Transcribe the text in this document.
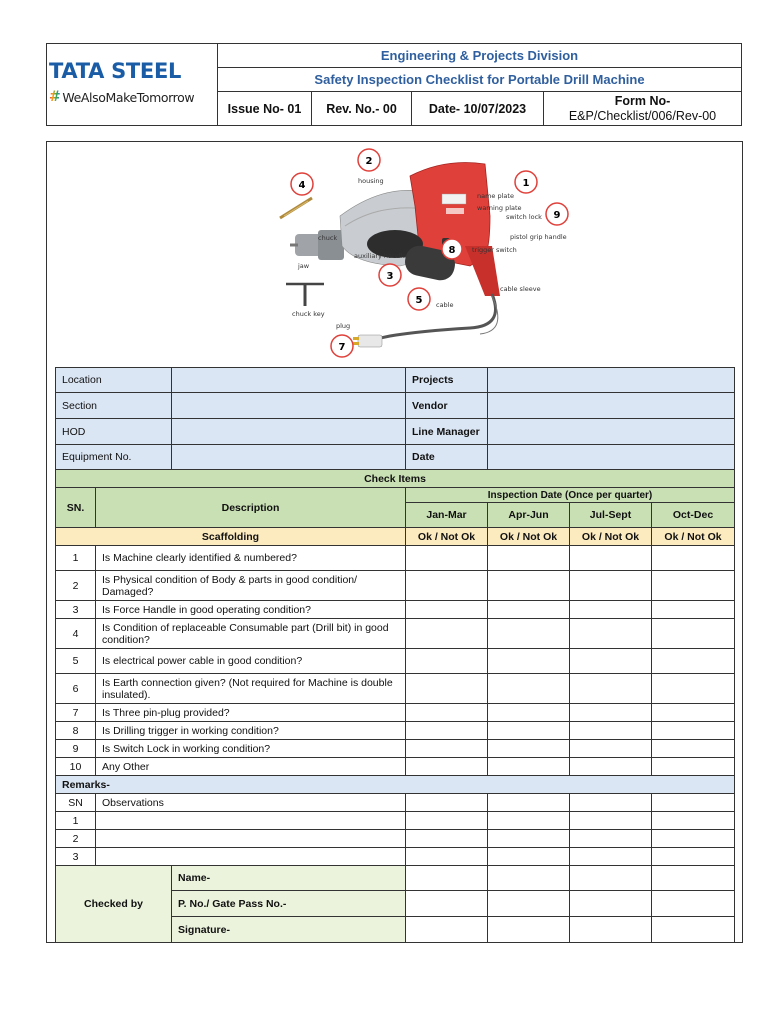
TATA STEEL
# WeAlsoMakeTomorrow
Engineering & Projects Division
Safety Inspection Checklist for Portable Drill Machine
Issue No- 01	Rev. No.- 00	Date- 10/07/2023
Form No-
E&P/Checklist/006/Rev-00
housing
name plate
warning plate
switch lock
pistol grip handle
chuck
auxiliary handle
trigger switch
jaw
cable sleeve
cable
chuck key
plug
1
2
3
4
5
7
8
9
Location			Projects			
Section			Vendor			
HOD			Line Manager			
Equipment No.			Date			
Check Items						
SN.	Description		Inspection Date (Once per quarter)			
			Jan-Mar	Apr-Jun	Jul-Sept	Oct-Dec
Scaffolding			Ok / Not Ok	Ok / Not Ok	Ok / Not Ok	Ok / Not Ok
1	Is Machine clearly identified & numbered?					
2	Is Physical condition of Body & parts in good condition/ Damaged?					
3	Is Force Handle in good operating condition?					
4	Is Condition of replaceable Consumable part (Drill bit) in good condition?					
5	Is electrical power cable in good condition?					
6	Is Earth connection given? (Not required for Machine is double insulated).					
7	Is Three pin-plug provided?					
8	Is Drilling trigger in working condition?					
9	Is Switch Lock in working condition?					
10	Any Other					
Remarks-						
SN	Observations					
1						
2						
3						
Checked by		Name-				
		P. No./ Gate Pass No.-				
		Signature-				
